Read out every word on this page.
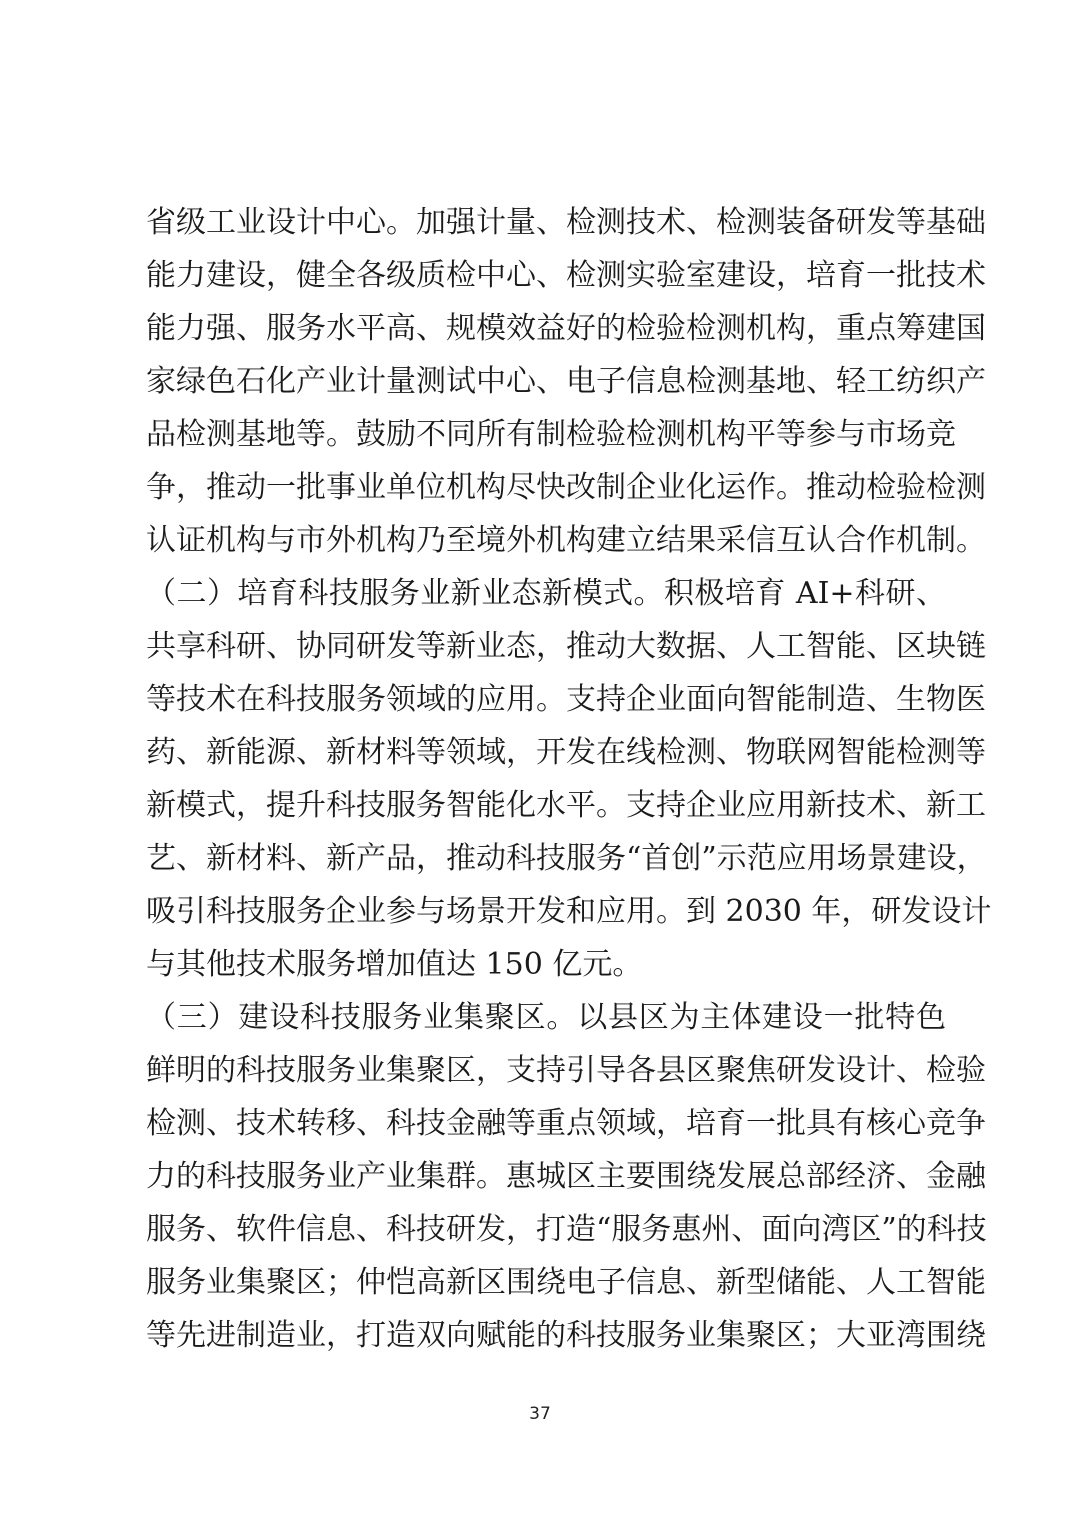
省级工业设计中心。加强计量、检测技术、检测装备研发等基础
能力建设，健全各级质检中心、检测实验室建设，培育一批技术
能力强、服务水平高、规模效益好的检验检测机构，重点筹建国
家绿色石化产业计量测试中心、电子信息检测基地、轻工纺织产
品检测基地等。鼓励不同所有制检验检测机构平等参与市场竞
争，推动一批事业单位机构尽快改制企业化运作。推动检验检测
认证机构与市外机构乃至境外机构建立结果采信互认合作机制。
（二）培育科技服务业新业态新模式。积极培育 AI+科研、
共享科研、协同研发等新业态，推动大数据、人工智能、区块链
等技术在科技服务领域的应用。支持企业面向智能制造、生物医
药、新能源、新材料等领域，开发在线检测、物联网智能检测等
新模式，提升科技服务智能化水平。支持企业应用新技术、新工
艺、新材料、新产品，推动科技服务“首创”示范应用场景建设，
吸引科技服务企业参与场景开发和应用。到 2030 年，研发设计
与其他技术服务增加值达 150 亿元。
（三）建设科技服务业集聚区。以县区为主体建设一批特色
鲜明的科技服务业集聚区，支持引导各县区聚焦研发设计、检验
检测、技术转移、科技金融等重点领域，培育一批具有核心竞争
力的科技服务业产业集群。惠城区主要围绕发展总部经济、金融
服务、软件信息、科技研发，打造“服务惠州、面向湾区”的科技
服务业集聚区；仲恺高新区围绕电子信息、新型储能、人工智能
等先进制造业，打造双向赋能的科技服务业集聚区；大亚湾围绕
37
